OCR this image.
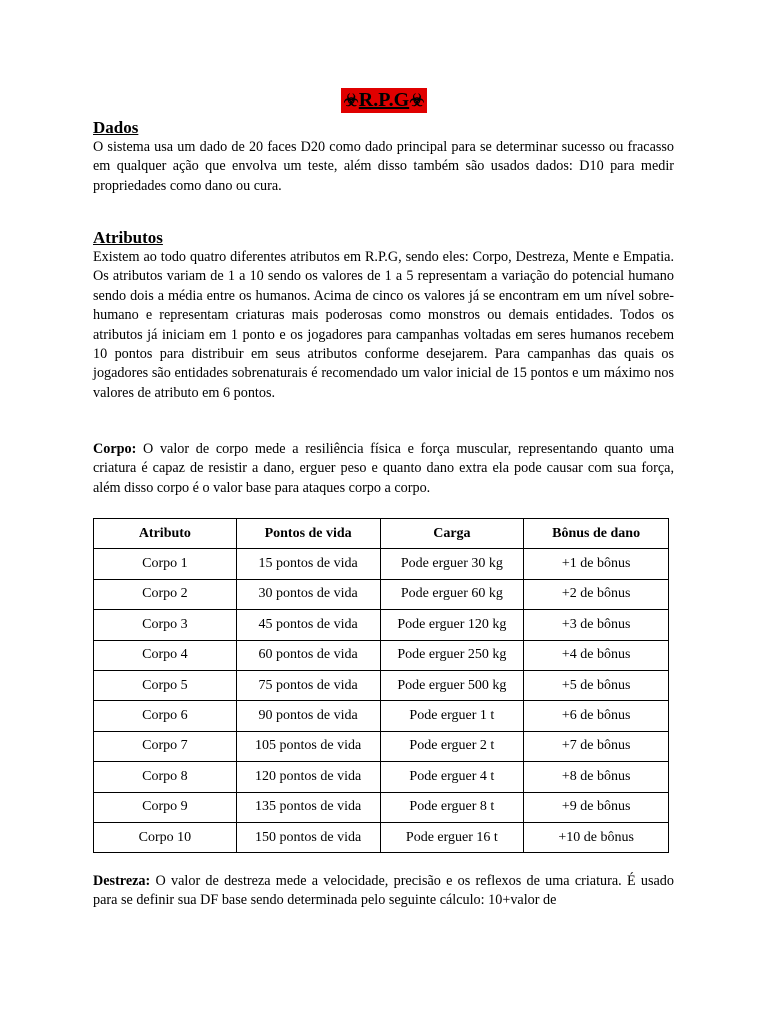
☣R.P.G☣
Dados

O sistema usa um dado de 20 faces D20 como dado principal para se determinar sucesso ou fracasso em qualquer ação que envolva um teste, além disso também são usados dados: D10 para medir propriedades como dano ou cura.

Atributos

Existem ao todo quatro diferentes atributos em R.P.G, sendo eles: Corpo, Destreza, Mente e Empatia. Os atributos variam de 1 a 10 sendo os valores de 1 a 5 representam a variação do potencial humano sendo dois a média entre os humanos. Acima de cinco os valores já se encontram em um nível sobre-humano e representam criaturas mais poderosas como monstros ou demais entidades. Todos os atributos já iniciam em 1 ponto e os jogadores para campanhas voltadas em seres humanos recebem 10 pontos para distribuir em seus atributos conforme desejarem. Para campanhas das quais os jogadores são entidades sobrenaturais é recomendado um valor inicial de 15 pontos e um máximo nos valores de atributo em 6 pontos.

Corpo: O valor de corpo mede a resiliência física e força muscular, representando quanto uma criatura é capaz de resistir a dano, erguer peso e quanto dano extra ela pode causar com sua força, além disso corpo é o valor base para ataques corpo a corpo.

Atributo	Pontos de vida	Carga	Bônus de dano
Corpo 1	15 pontos de vida	Pode erguer 30 kg	+1 de bônus
Corpo 2	30 pontos de vida	Pode erguer 60 kg	+2 de bônus
Corpo 3	45 pontos de vida	Pode erguer 120 kg	+3 de bônus
Corpo 4	60 pontos de vida	Pode erguer 250 kg	+4 de bônus
Corpo 5	75 pontos de vida	Pode erguer 500 kg	+5 de bônus
Corpo 6	90 pontos de vida	Pode erguer 1 t	+6 de bônus
Corpo 7	105 pontos de vida	Pode erguer 2 t	+7 de bônus
Corpo 8	120 pontos de vida	Pode erguer 4 t	+8 de bônus
Corpo 9	135 pontos de vida	Pode erguer 8 t	+9 de bônus
Corpo 10	150 pontos de vida	Pode erguer 16 t	+10 de bônus

Destreza: O valor de destreza mede a velocidade, precisão e os reflexos de uma criatura. É usado para se definir sua DF base sendo determinada pelo seguinte cálculo: 10+valor de
